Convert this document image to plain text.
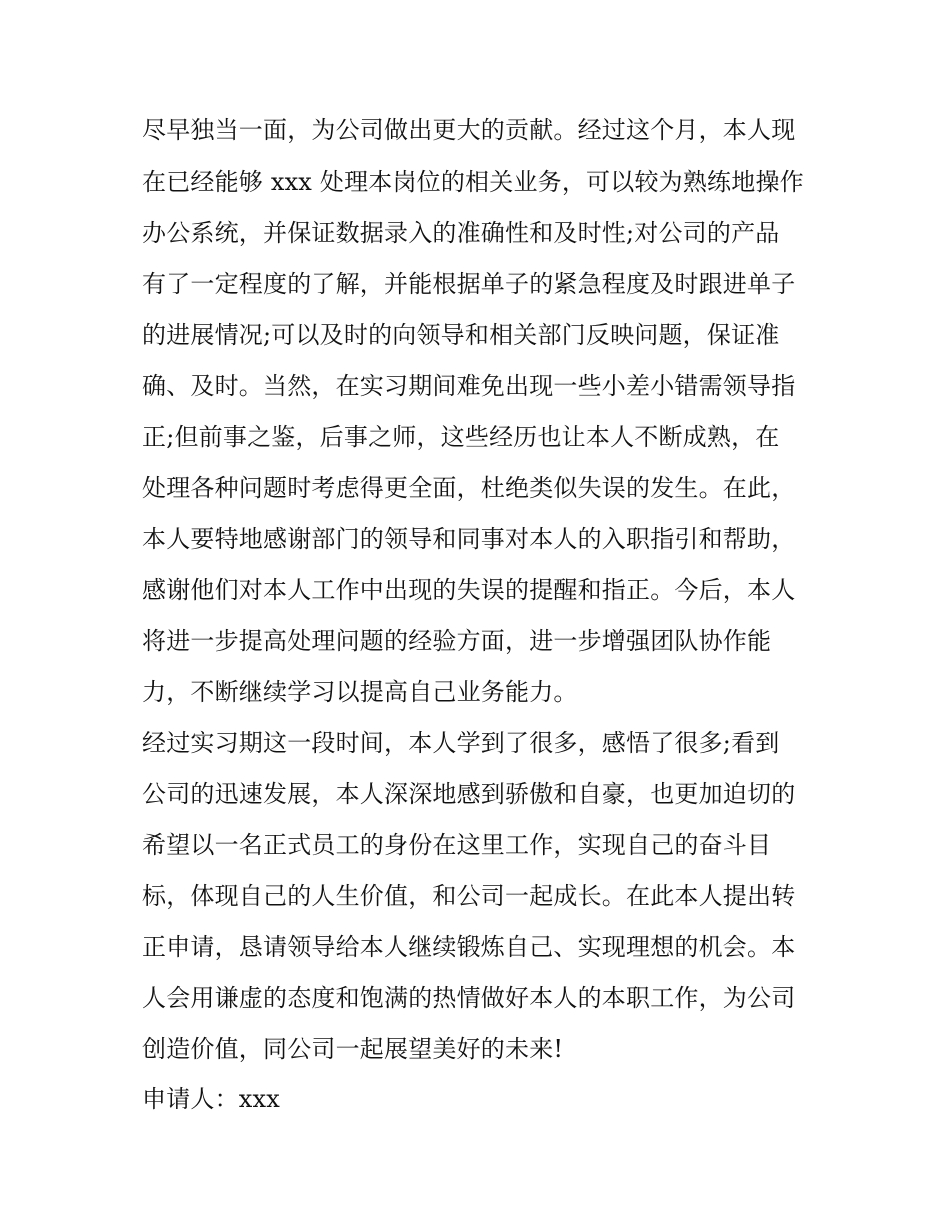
尽早独当一面，为公司做出更大的贡献。经过这个月，本人现
在已经能够 xxx 处理本岗位的相关业务，可以较为熟练地操作
办公系统，并保证数据录入的准确性和及时性;对公司的产品
有了一定程度的了解，并能根据单子的紧急程度及时跟进单子
的进展情况;可以及时的向领导和相关部门反映问题，保证准
确、及时。当然，在实习期间难免出现一些小差小错需领导指
正;但前事之鉴，后事之师，这些经历也让本人不断成熟，在
处理各种问题时考虑得更全面，杜绝类似失误的发生。在此，
本人要特地感谢部门的领导和同事对本人的入职指引和帮助，
感谢他们对本人工作中出现的失误的提醒和指正。今后，本人
将进一步提高处理问题的经验方面，进一步增强团队协作能
力，不断继续学习以提高自己业务能力。
经过实习期这一段时间，本人学到了很多，感悟了很多;看到
公司的迅速发展，本人深深地感到骄傲和自豪，也更加迫切的
希望以一名正式员工的身份在这里工作，实现自己的奋斗目
标，体现自己的人生价值，和公司一起成长。在此本人提出转
正申请，恳请领导给本人继续锻炼自己、实现理想的机会。本
人会用谦虚的态度和饱满的热情做好本人的本职工作，为公司
创造价值，同公司一起展望美好的未来!
申请人：xxx
